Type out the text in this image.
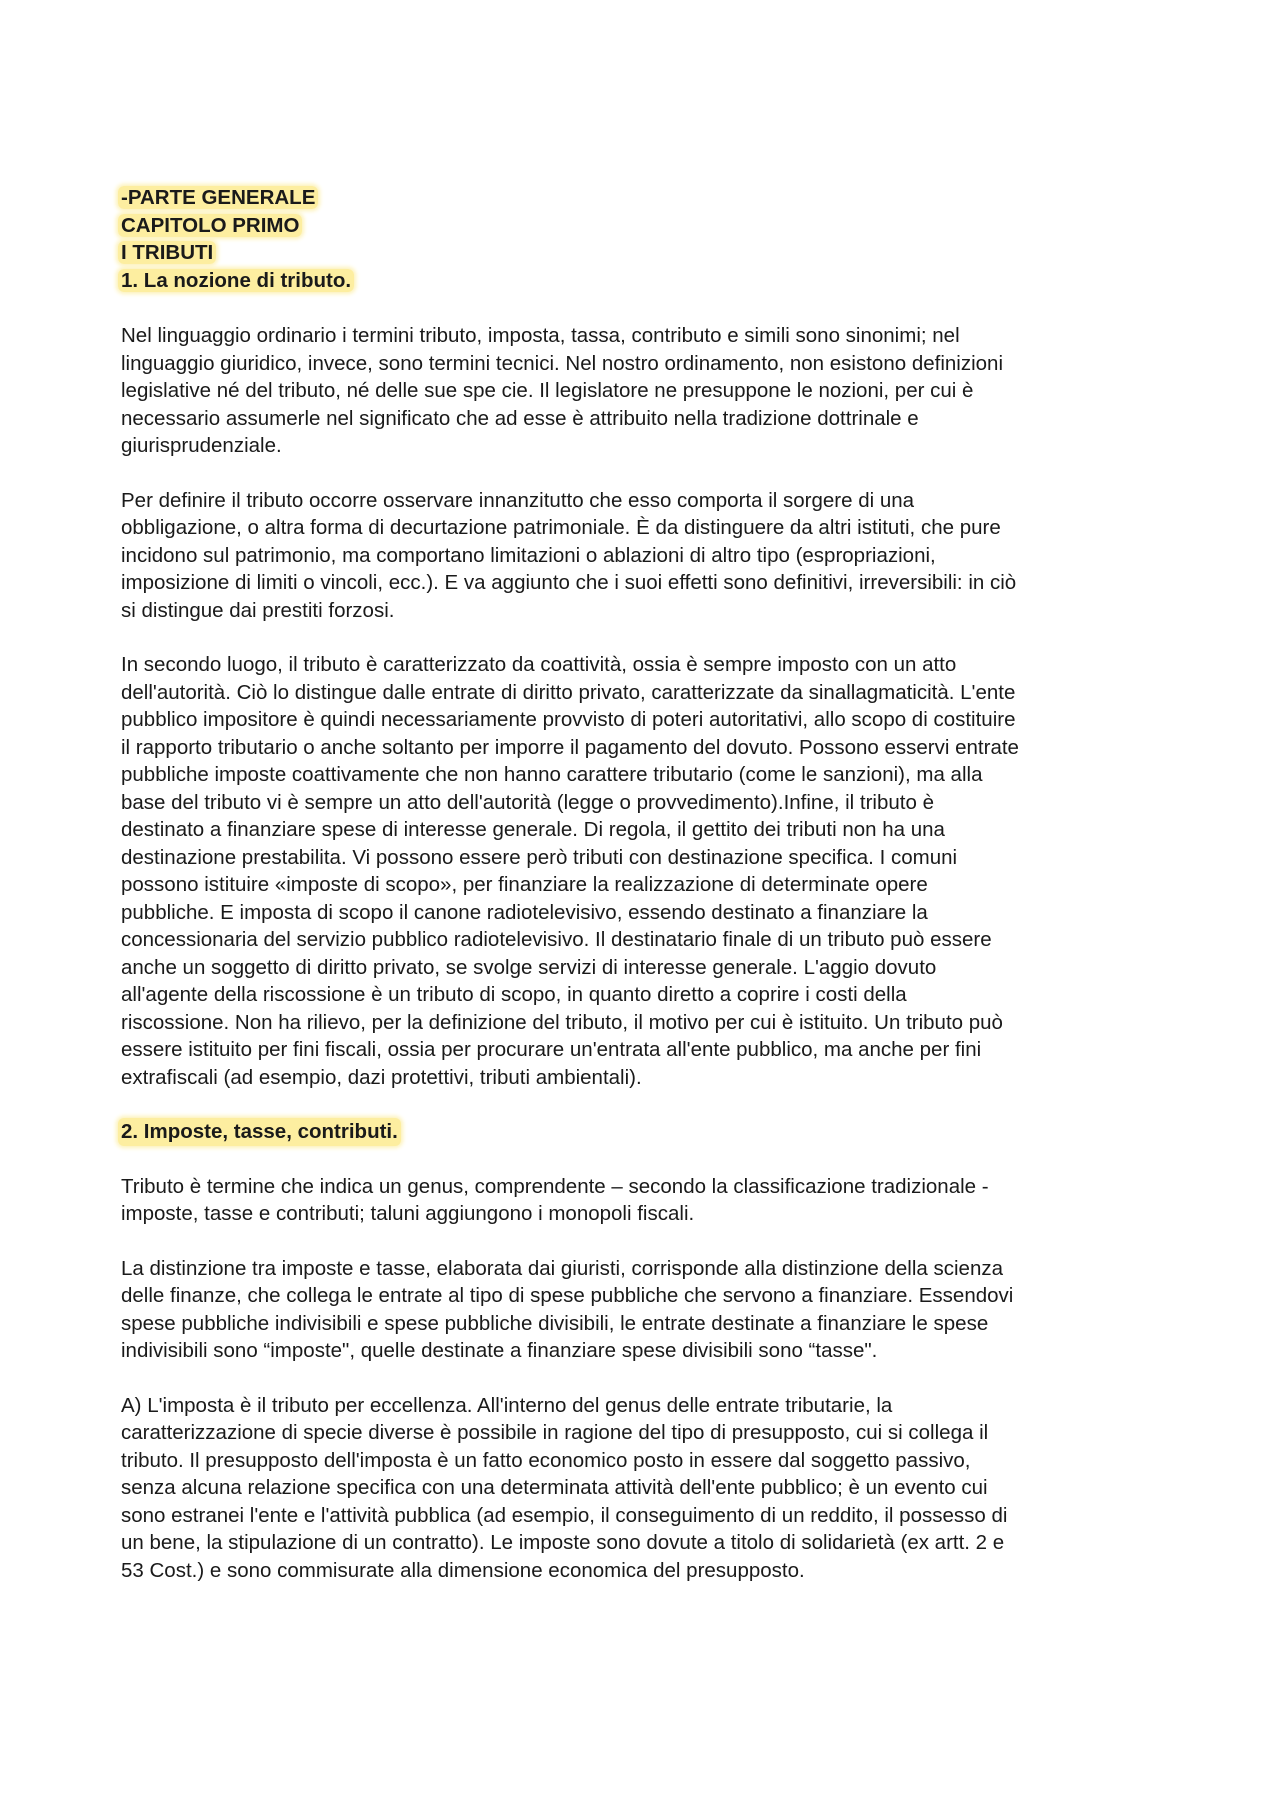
-PARTE GENERALE
CAPITOLO PRIMO
I TRIBUTI
1. La nozione di tributo.

Nel linguaggio ordinario i termini tributo, imposta, tassa, contributo e simili sono sinonimi; nel
linguaggio giuridico, invece, sono termini tecnici. Nel nostro ordinamento, non esistono definizioni
legislative né del tributo, né delle sue spe cie. Il legislatore ne presuppone le nozioni, per cui è
necessario assumerle nel significato che ad esse è attribuito nella tradizione dottrinale e
giurisprudenziale.

Per definire il tributo occorre osservare innanzitutto che esso comporta il sorgere di una
obbligazione, o altra forma di decurtazione patrimoniale. È da distinguere da altri istituti, che pure
incidono sul patrimonio, ma comportano limitazioni o ablazioni di altro tipo (espropriazioni,
imposizione di limiti o vincoli, ecc.). E va aggiunto che i suoi effetti sono definitivi, irreversibili: in ciò
si distingue dai prestiti forzosi.

In secondo luogo, il tributo è caratterizzato da coattività, ossia è sempre imposto con un atto
dell'autorità. Ciò lo distingue dalle entrate di diritto privato, caratterizzate da sinallagmaticità. L'ente
pubblico impositore è quindi necessariamente provvisto di poteri autoritativi, allo scopo di costituire
il rapporto tributario o anche soltanto per imporre il pagamento del dovuto. Possono esservi entrate
pubbliche imposte coattivamente che non hanno carattere tributario (come le sanzioni), ma alla
base del tributo vi è sempre un atto dell'autorità (legge o provvedimento).Infine, il tributo è
destinato a finanziare spese di interesse generale. Di regola, il gettito dei tributi non ha una
destinazione prestabilita. Vi possono essere però tributi con destinazione specifica. I comuni
possono istituire «imposte di scopo», per finanziare la realizzazione di determinate opere
pubbliche. E imposta di scopo il canone radiotelevisivo, essendo destinato a finanziare la
concessionaria del servizio pubblico radiotelevisivo. Il destinatario finale di un tributo può essere
anche un soggetto di diritto privato, se svolge servizi di interesse generale. L'aggio dovuto
all'agente della riscossione è un tributo di scopo, in quanto diretto a coprire i costi della
riscossione. Non ha rilievo, per la definizione del tributo, il motivo per cui è istituito. Un tributo può
essere istituito per fini fiscali, ossia per procurare un'entrata all'ente pubblico, ma anche per fini
extrafiscali (ad esempio, dazi protettivi, tributi ambientali).

2. Imposte, tasse, contributi.

Tributo è termine che indica un genus, comprendente – secondo la classificazione tradizionale -
imposte, tasse e contributi; taluni aggiungono i monopoli fiscali.

La distinzione tra imposte e tasse, elaborata dai giuristi, corrisponde alla distinzione della scienza
delle finanze, che collega le entrate al tipo di spese pubbliche che servono a finanziare. Essendovi
spese pubbliche indivisibili e spese pubbliche divisibili, le entrate destinate a finanziare le spese
indivisibili sono “imposte", quelle destinate a finanziare spese divisibili sono “tasse".

A) L'imposta è il tributo per eccellenza. All'interno del genus delle entrate tributarie, la
caratterizzazione di specie diverse è possibile in ragione del tipo di presupposto, cui si collega il
tributo. Il presupposto dell'imposta è un fatto economico posto in essere dal soggetto passivo,
senza alcuna relazione specifica con una determinata attività dell'ente pubblico; è un evento cui
sono estranei l'ente e l'attività pubblica (ad esempio, il conseguimento di un reddito, il possesso di
un bene, la stipulazione di un contratto). Le imposte sono dovute a titolo di solidarietà (ex artt. 2 e
53 Cost.) e sono commisurate alla dimensione economica del presupposto.
